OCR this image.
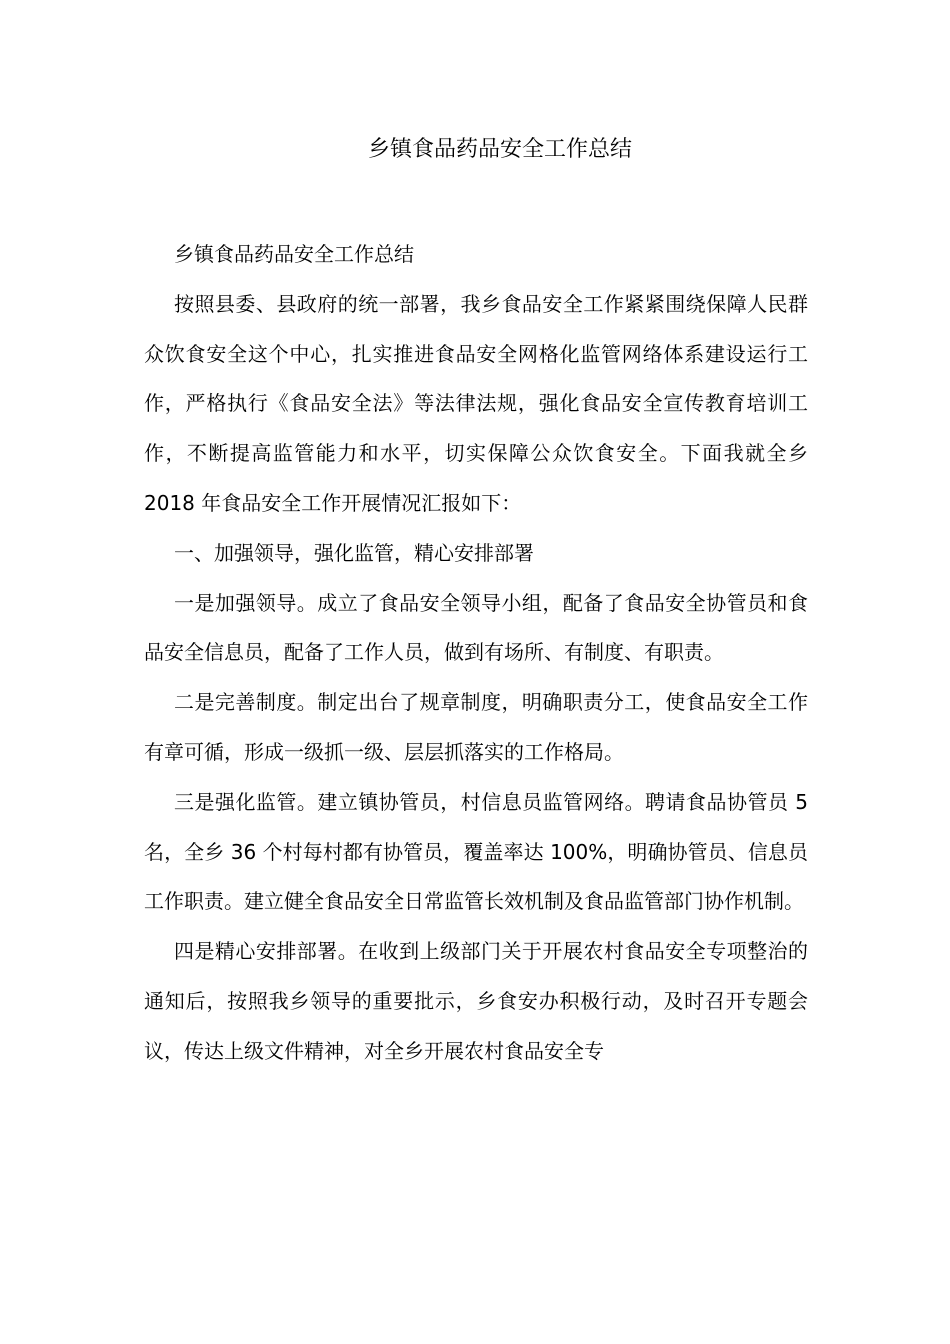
乡镇食品药品安全工作总结

乡镇食品药品安全工作总结

按照县委、县政府的统一部署，我乡食品安全工作紧紧围绕保障人民群众饮食安全这个中心，扎实推进食品安全网格化监管网络体系建设运行工作，严格执行《食品安全法》等法律法规，强化食品安全宣传教育培训工作，不断提高监管能力和水平，切实保障公众饮食安全。下面我就全乡 2018 年食品安全工作开展情况汇报如下：

一、加强领导，强化监管，精心安排部署

一是加强领导。成立了食品安全领导小组，配备了食品安全协管员和食品安全信息员，配备了工作人员，做到有场所、有制度、有职责。

二是完善制度。制定出台了规章制度，明确职责分工，使食品安全工作有章可循，形成一级抓一级、层层抓落实的工作格局。

三是强化监管。建立镇协管员，村信息员监管网络。聘请食品协管员 5 名，全乡 36 个村每村都有协管员，覆盖率达 100%，明确协管员、信息员工作职责。建立健全食品安全日常监管长效机制及食品监管部门协作机制。

四是精心安排部署。在收到上级部门关于开展农村食品安全专项整治的通知后，按照我乡领导的重要批示，乡食安办积极行动，及时召开专题会议，传达上级文件精神，对全乡开展农村食品安全专
